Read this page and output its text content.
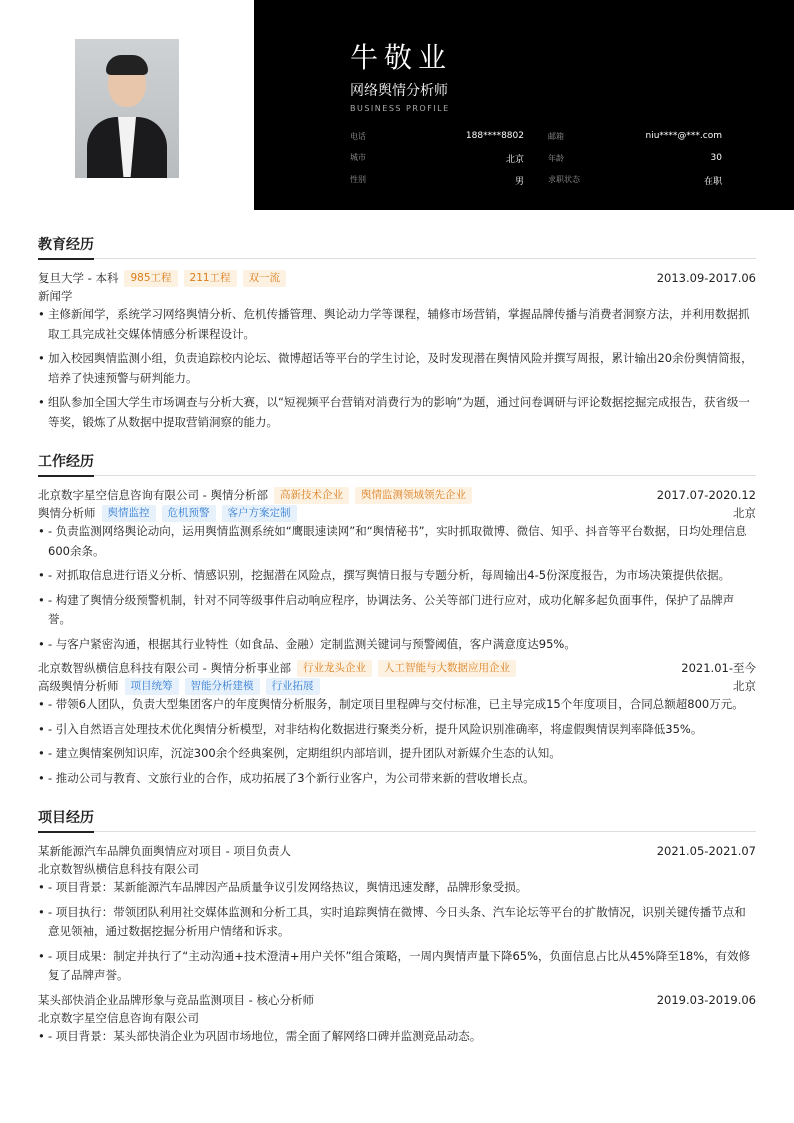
牛敬业
网络舆情分析师
BUSINESS PROFILE
电话	188****8802	邮箱	niu****@***.com
城市	北京	年龄	30
性别	男	求职状态	在职
教育经历
复旦大学 - 本科	985工程	211工程	双一流	2013.09-2017.06
新闻学
• 主修新闻学，系统学习网络舆情分析、危机传播管理、舆论动力学等课程，辅修市场营销，掌握品牌传播与消费者洞察方法，并利用数据抓取工具完成社交媒体情感分析课程设计。
• 加入校园舆情监测小组，负责追踪校内论坛、微博超话等平台的学生讨论，及时发现潜在舆情风险并撰写周报，累计输出20余份舆情简报，培养了快速预警与研判能力。
• 组队参加全国大学生市场调查与分析大赛，以“短视频平台营销对消费行为的影响”为题，通过问卷调研与评论数据挖掘完成报告，获省级一等奖，锻炼了从数据中提取营销洞察的能力。
工作经历
北京数字星空信息咨询有限公司 - 舆情分析部	高新技术企业	舆情监测领域领先企业	2017.07-2020.12
舆情分析师	舆情监控	危机预警	客户方案定制	北京
• - 负责监测网络舆论动向，运用舆情监测系统如“鹰眼速读网”和“舆情秘书”，实时抓取微博、微信、知乎、抖音等平台数据，日均处理信息600余条。
• - 对抓取信息进行语义分析、情感识别，挖掘潜在风险点，撰写舆情日报与专题分析，每周输出4-5份深度报告，为市场决策提供依据。
• - 构建了舆情分级预警机制，针对不同等级事件启动响应程序，协调法务、公关等部门进行应对，成功化解多起负面事件，保护了品牌声誉。
• - 与客户紧密沟通，根据其行业特性（如食品、金融）定制监测关键词与预警阈值，客户满意度达95%。
北京数智纵横信息科技有限公司 - 舆情分析事业部	行业龙头企业	人工智能与大数据应用企业	2021.01-至今
高级舆情分析师	项目统筹	智能分析建模	行业拓展	北京
• - 带领6人团队，负责大型集团客户的年度舆情分析服务，制定项目里程碑与交付标准，已主导完成15个年度项目，合同总额超800万元。
• - 引入自然语言处理技术优化舆情分析模型，对非结构化数据进行聚类分析，提升风险识别准确率，将虚假舆情误判率降低35%。
• - 建立舆情案例知识库，沉淀300余个经典案例，定期组织内部培训，提升团队对新媒介生态的认知。
• - 推动公司与教育、文旅行业的合作，成功拓展了3个新行业客户，为公司带来新的营收增长点。
项目经历
某新能源汽车品牌负面舆情应对项目 - 项目负责人	2021.05-2021.07
北京数智纵横信息科技有限公司
• - 项目背景：某新能源汽车品牌因产品质量争议引发网络热议，舆情迅速发酵，品牌形象受损。
• - 项目执行：带领团队利用社交媒体监测和分析工具，实时追踪舆情在微博、今日头条、汽车论坛等平台的扩散情况，识别关键传播节点和意见领袖，通过数据挖掘分析用户情绪和诉求。
• - 项目成果：制定并执行了“主动沟通+技术澄清+用户关怀”组合策略，一周内舆情声量下降65%，负面信息占比从45%降至18%，有效修复了品牌声誉。
某头部快消企业品牌形象与竞品监测项目 - 核心分析师	2019.03-2019.06
北京数字星空信息咨询有限公司
• - 项目背景：某头部快消企业为巩固市场地位，需全面了解网络口碑并监测竞品动态。
